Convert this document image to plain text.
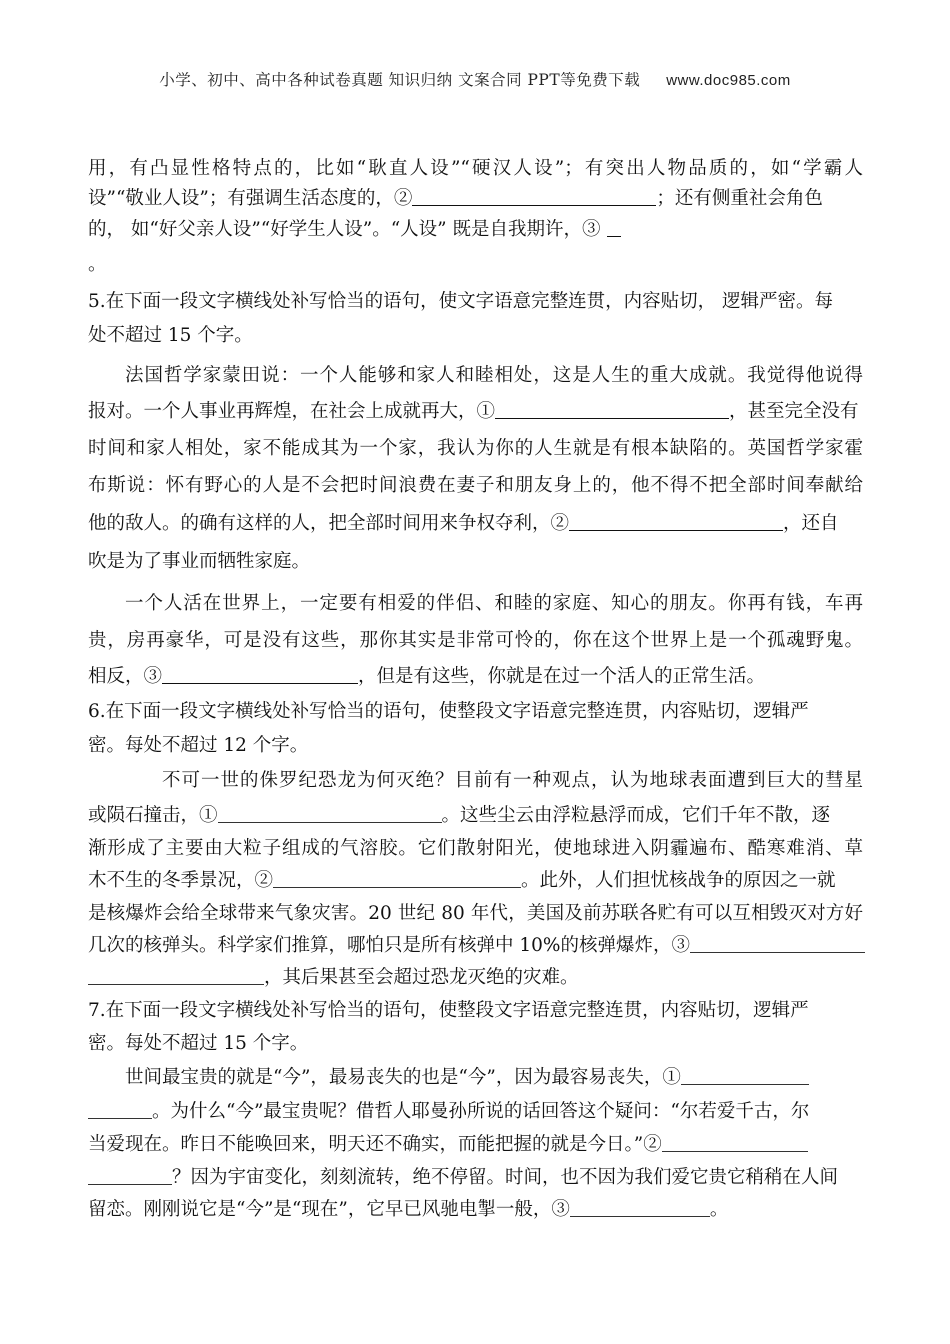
小学、初中、高中各种试卷真题 知识归纳 文案合同 PPT等免费下载 www.doc985.com
用，有凸显性格特点的，比如“耿直人设”“硬汉人设”；有突出人物品质的，如“学霸人
设”“敬业人设”；有强调生活态度的，②	；还有侧重社会角色
的， 如“好父亲人设”“好学生人设”。“人设” 既是自我期许，③
。
5.在下面一段文字横线处补写恰当的语句，使文字语意完整连贯，内容贴切， 逻辑严密。每
处不超过 15 个字。
法国哲学家蒙田说：一个人能够和家人和睦相处，这是人生的重大成就。我觉得他说得
报对。一个人事业再辉煌，在社会上成就再大，①	，甚至完全没有
时间和家人相处，家不能成其为一个家，我认为你的人生就是有根本缺陷的。英国哲学家霍
布斯说：怀有野心的人是不会把时间浪费在妻子和朋友身上的，他不得不把全部时间奉献给
他的敌人。的确有这样的人，把全部时间用来争权夺利，②	，还自
吹是为了事业而牺牲家庭。
一个人活在世界上，一定要有相爱的伴侣、和睦的家庭、知心的朋友。你再有钱，车再
贵，房再豪华，可是没有这些，那你其实是非常可怜的，你在这个世界上是一个孤魂野鬼。
相反，③	，但是有这些，你就是在过一个活人的正常生活。
6.在下面一段文字横线处补写恰当的语句，使整段文字语意完整连贯，内容贴切，逻辑严
密。每处不超过 12 个字。
不可一世的侏罗纪恐龙为何灭绝？目前有一种观点，认为地球表面遭到巨大的彗星
或陨石撞击，①	。这些尘云由浮粒悬浮而成，它们千年不散，逐
渐形成了主要由大粒子组成的气溶胶。它们散射阳光，使地球进入阴霾遍布、酷寒难消、草
木不生的冬季景况，②	。此外，人们担忧核战争的原因之一就
是核爆炸会给全球带来气象灾害。20 世纪 80 年代，美国及前苏联各贮有可以互相毁灭对方好
几次的核弹头。科学家们推算，哪怕只是所有核弹中 10%的核弹爆炸，③
，其后果甚至会超过恐龙灭绝的灾难。
7.在下面一段文字横线处补写恰当的语句，使整段文字语意完整连贯，内容贴切，逻辑严
密。每处不超过 15 个字。
世间最宝贵的就是“今”，最易丧失的也是“今”，因为最容易丧失，①
。为什么“今”最宝贵呢？借哲人耶曼孙所说的话回答这个疑问：“尔若爱千古，尔
当爱现在。昨日不能唤回来，明天还不确实，而能把握的就是今日。”②
？因为宇宙变化，刻刻流转，绝不停留。时间，也不因为我们爱它贵它稍稍在人间
留恋。刚刚说它是“今”是“现在”，它早已风驰电掣一般，③	。
